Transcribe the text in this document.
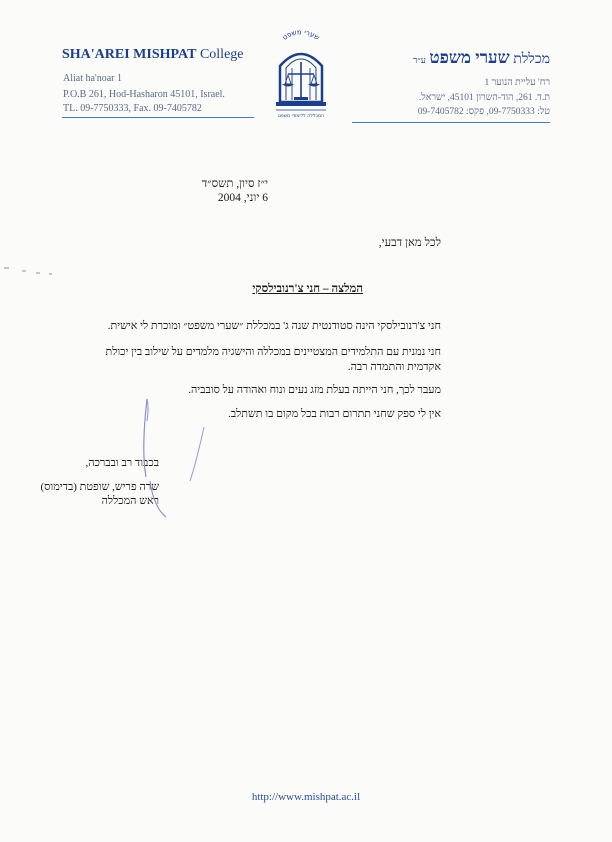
SHA'AREI MISHPAT College
Aliat ha'noar 1
P.O.B 261, Hod-Hasharon 45101, Israel.
TL. 09-7750333, Fax. 09-7405782
שערי משפט
המכללה ללימודי משפט
מכללת שערי משפט ע״ר
רח' עליית הנוער 1
ת.ד. 261, הוד-השרון 45101, ישראל.
טל: 09-7750333, פקס: 09-7405782
י״ז סיון, תשס״ד
6 יוני, 2004
לכל מאן דבעי,
המלצה – חני צ'רנובילסקי
חני צ'רנובילסקי הינה סטודנטית שנה ג' במכללת ״שערי משפט״ ומוכרת לי אישית.
חני נמנית עם התלמידים המצטיינים במכללה והישגיה מלמדים על שילוב בין יכולת
אקדמית והתמדה רבה.
מעבר לכך, חני הייתה בעלת מזג נעים ונוח ואהודה על סובביה.
אין לי ספק שחני תתרום רבות בכל מקום בו תשתלב.
בכבוד רב ובברכה,
שרה פריש, שופטת (בדימוס)
ראש המכללה
http://www.mishpat.ac.il
